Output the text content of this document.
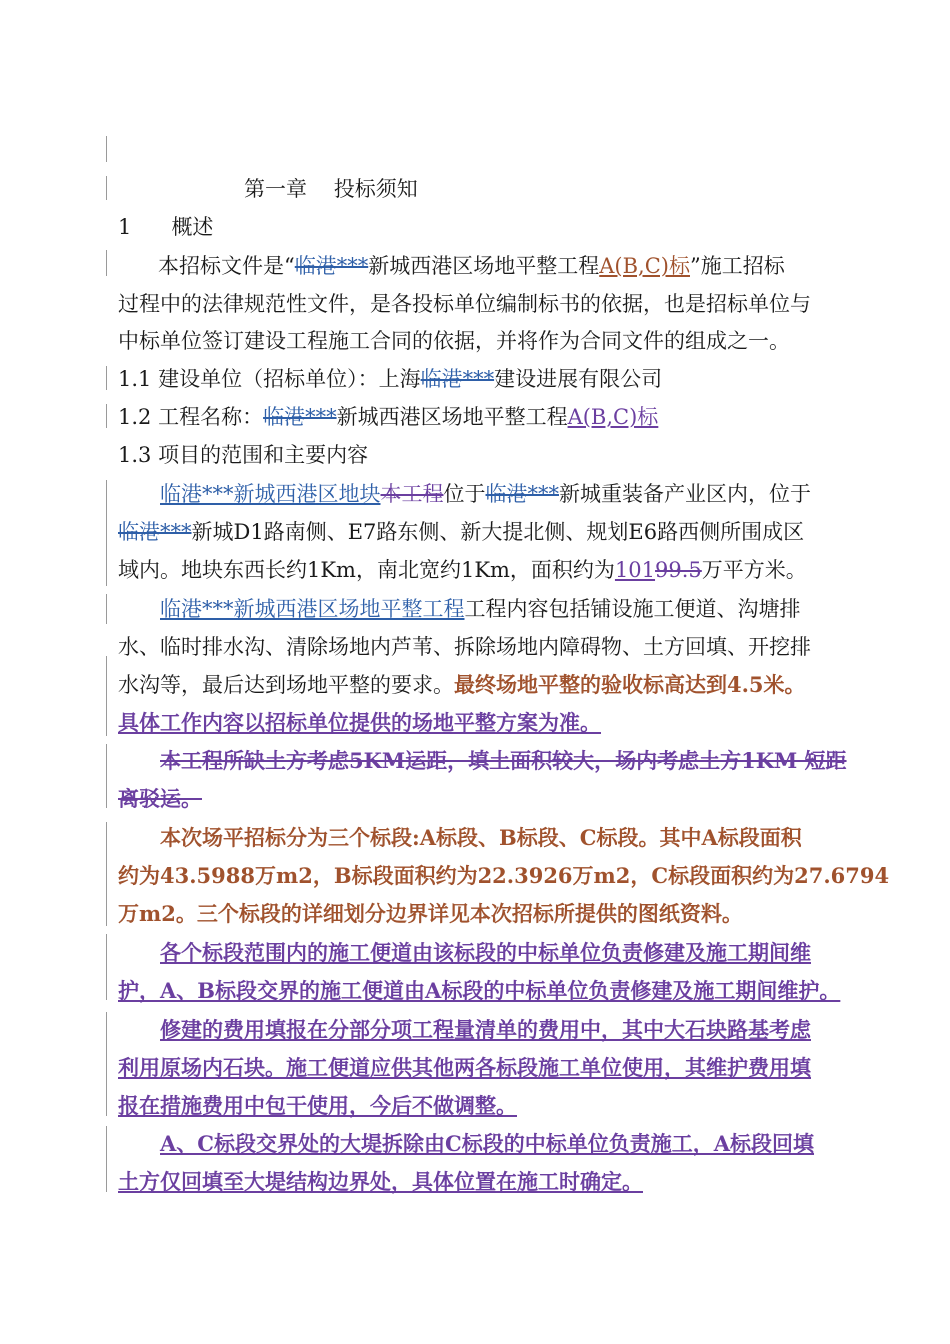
第一章 投标须知
1 概述
本招标文件是“临港***新城西港区场地平整工程A(B,C)标”施工招标
过程中的法律规范性文件，是各投标单位编制标书的依据，也是招标单位与
中标单位签订建设工程施工合同的依据，并将作为合同文件的组成之一。
1.1 建设单位（招标单位）：上海临港***建设进展有限公司
1.2 工程名称：临港***新城西港区场地平整工程A(B,C)标
1.3 项目的范围和主要内容
临港***新城西港区地块本工程位于临港***新城重装备产业区内，位于
临港***新城D1路南侧、E7路东侧、新大提北侧、规划E6路西侧所围成区
域内。地块东西长约1Km，南北宽约1Km，面积约为10199.5万平方米。
临港***新城西港区场地平整工程工程内容包括铺设施工便道、沟塘排
水、临时排水沟、清除场地内芦苇、拆除场地内障碍物、土方回填、开挖排
水沟等，最后达到场地平整的要求。最终场地平整的验收标高达到4.5米。
具体工作内容以招标单位提供的场地平整方案为准。
本工程所缺土方考虑5KM运距，填土面积较大，场内考虑土方1KM 短距
离驳运。
本次场平招标分为三个标段:A标段、B标段、C标段。其中A标段面积
约为43.5988万m2，B标段面积约为22.3926万m2，C标段面积约为27.6794
万m2。三个标段的详细划分边界详见本次招标所提供的图纸资料。
各个标段范围内的施工便道由该标段的中标单位负责修建及施工期间维
护，A、B标段交界的施工便道由A标段的中标单位负责修建及施工期间维护。
修建的费用填报在分部分项工程量清单的费用中，其中大石块路基考虑
利用原场内石块。施工便道应供其他两各标段施工单位使用，其维护费用填
报在措施费用中包干使用，今后不做调整。
A、C标段交界处的大堤拆除由C标段的中标单位负责施工，A标段回填
土方仅回填至大堤结构边界处，具体位置在施工时确定。
